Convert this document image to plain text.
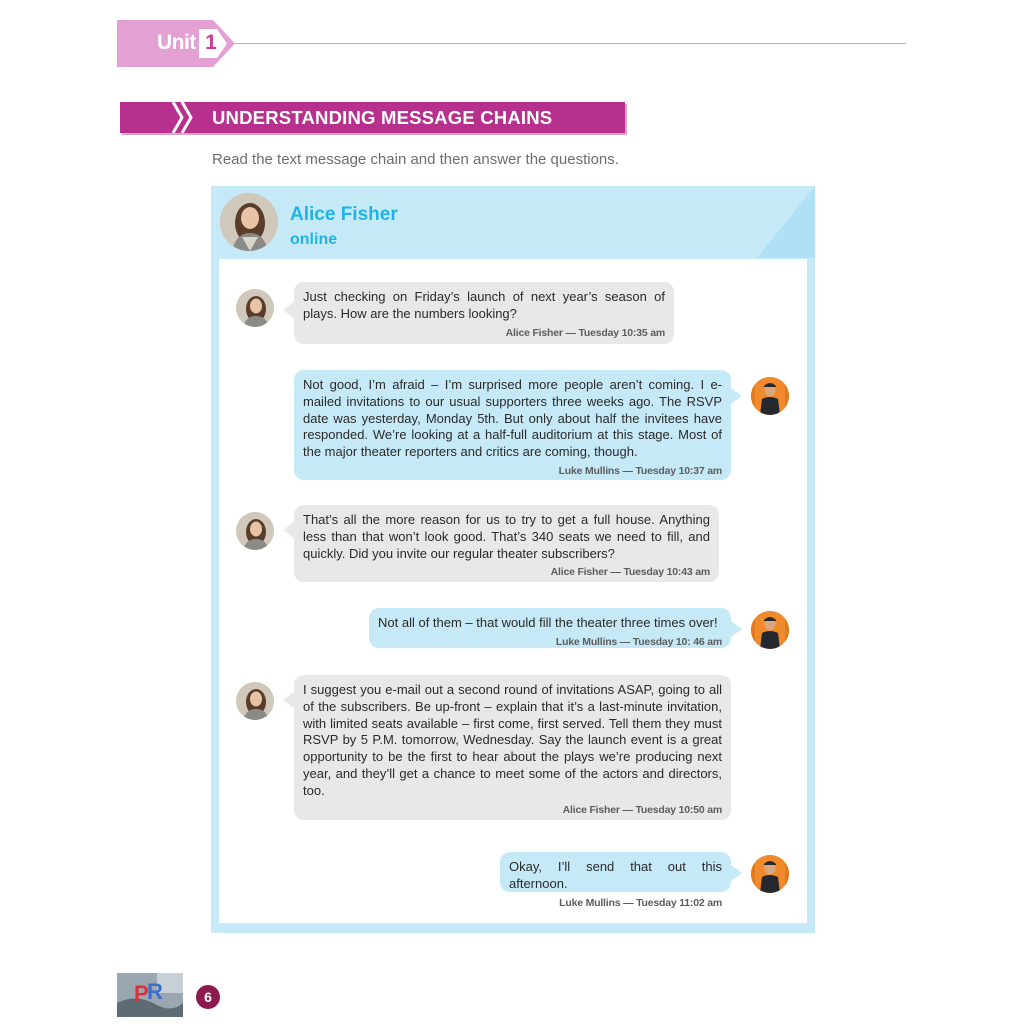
Unit 1
UNDERSTANDING MESSAGE CHAINS
Read the text message chain and then answer the questions.
Alice Fisher
online
Just checking on Friday’s launch of next year’s season of plays. How are the numbers looking?
Alice Fisher — Tuesday 10:35 am
Not good, I’m afraid – I’m surprised more people aren’t coming. I e-mailed invitations to our usual supporters three weeks ago. The RSVP date was yesterday, Monday 5th. But only about half the invitees have responded. We’re looking at a half-full auditorium at this stage. Most of the major theater reporters and critics are coming, though.
Luke Mullins — Tuesday 10:37 am
That’s all the more reason for us to try to get a full house. Anything less than that won’t look good. That’s 340 seats we need to fill, and quickly. Did you invite our regular theater subscribers?
Alice Fisher — Tuesday 10:43 am
Not all of them – that would fill the theater three times over!
Luke Mullins — Tuesday 10: 46 am
I suggest you e-mail out a second round of invitations ASAP, going to all of the subscribers. Be up-front – explain that it’s a last-minute invitation, with limited seats available – first come, first served. Tell them they must RSVP by 5 P.M. tomorrow, Wednesday. Say the launch event is a great opportunity to be the first to hear about the plays we’re producing next year, and they’ll get a chance to meet some of the actors and directors, too.
Alice Fisher — Tuesday 10:50 am
Okay, I’ll send that out this afternoon.
Luke Mullins — Tuesday 11:02 am
P
R	6
